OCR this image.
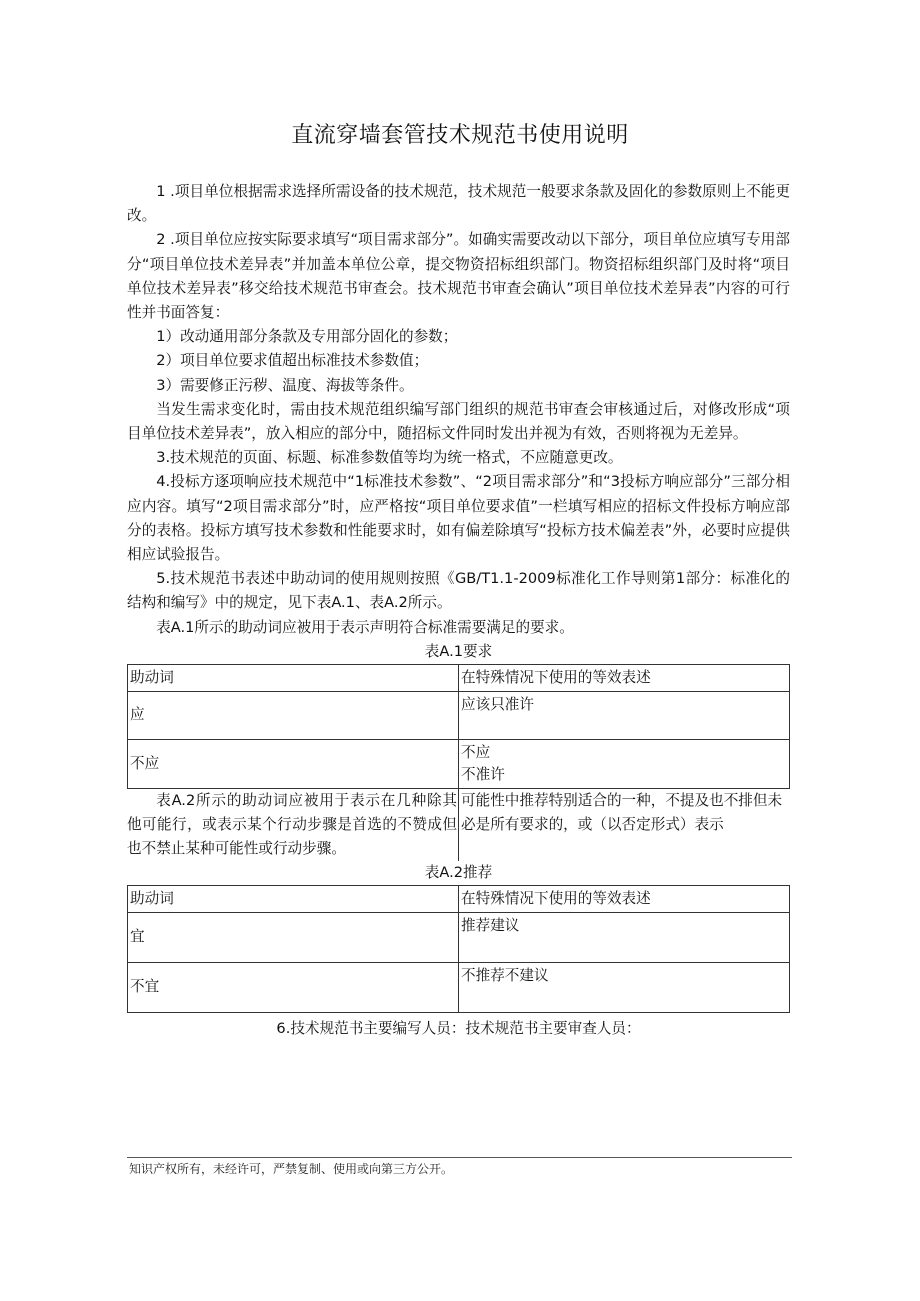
直流穿墙套管技术规范书使用说明

1 .项目单位根据需求选择所需设备的技术规范，技术规范一般要求条款及固化的参数原则上不能更改。

2 .项目单位应按实际要求填写“项目需求部分”。如确实需要改动以下部分，项目单位应填写专用部分“项目单位技术差异表”并加盖本单位公章，提交物资招标组织部门。物资招标组织部门及时将“项目单位技术差异表”移交给技术规范书审查会。技术规范书审查会确认”项目单位技术差异表”内容的可行性并书面答复：

1）改动通用部分条款及专用部分固化的参数；

2）项目单位要求值超出标准技术参数值；

3）需要修正污秽、温度、海拔等条件。

当发生需求变化时，需由技术规范组织编写部门组织的规范书审查会审核通过后，对修改形成“项目单位技术差异表”，放入相应的部分中，随招标文件同时发出并视为有效，否则将视为无差异。

3.技术规范的页面、标题、标准参数值等均为统一格式，不应随意更改。

4.投标方逐项响应技术规范中“1标准技术参数”、“2项目需求部分”和“3投标方响应部分”三部分相应内容。填写“2项目需求部分”时，应严格按“项目单位要求值”一栏填写相应的招标文件投标方响应部分的表格。投标方填写技术参数和性能要求时，如有偏差除填写“投标方技术偏差表”外，必要时应提供相应试验报告。

5.技术规范书表述中助动词的使用规则按照《GB/T1.1-2009标准化工作导则第1部分：标准化的结构和编写》中的规定，见下表A.1、表A.2所示。

表A.1所示的助动词应被用于表示声明符合标准需要满足的要求。

表A.1要求
助动词	在特殊情况下使用的等效表述
应	应该只准许
不应	不应
不准许
表A.2所示的助动词应被用于表示在几种除其他可能行，或表示某个行动步骤是首选的不赞成但也不禁止某种可能性或行动步骤。
可能性中推荐特别适合的一种，不提及也不排但未必是所有要求的，或（以否定形式）表示
表A.2推荐
助动词	在特殊情况下使用的等效表述
宜	推荐建议
不宜	不推荐不建议
6.技术规范书主要编写人员：技术规范书主要审查人员：
知识产权所有，未经许可，严禁复制、使用或向第三方公开。
